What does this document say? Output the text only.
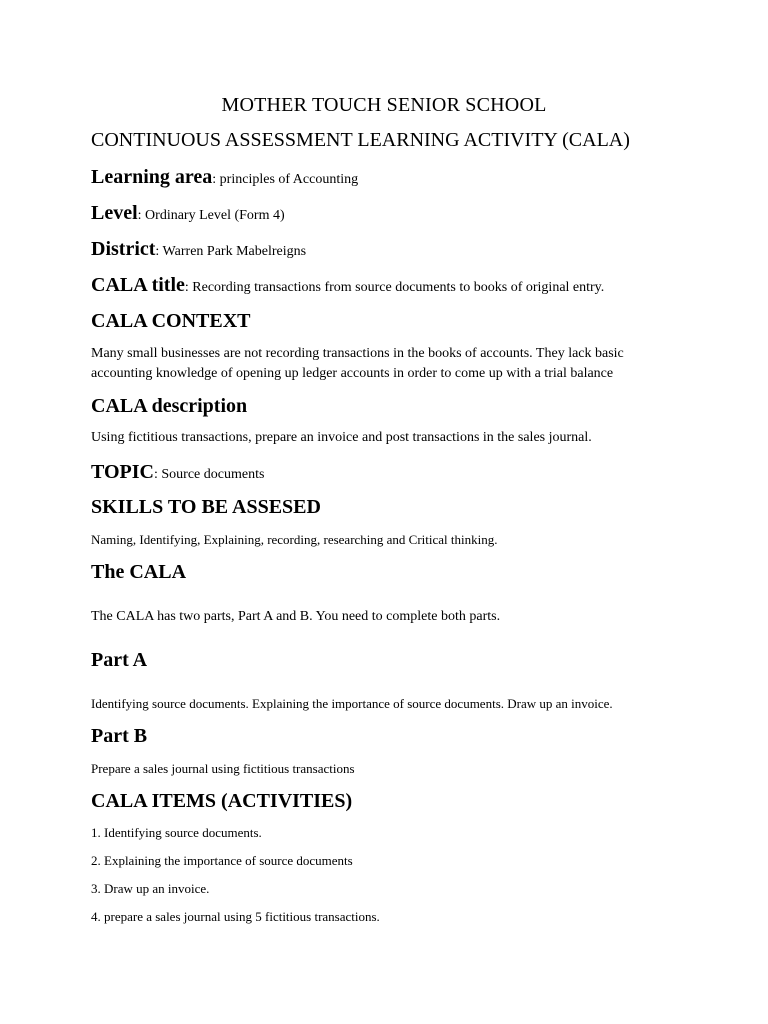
MOTHER TOUCH SENIOR SCHOOL
CONTINUOUS ASSESSMENT LEARNING ACTIVITY (CALA)
Learning area: principles of Accounting
Level: Ordinary Level (Form 4)
District: Warren Park Mabelreigns
CALA title: Recording transactions from source documents to books of original entry.
CALA CONTEXT
Many small businesses are not recording transactions in the books of accounts. They lack basic accounting knowledge of opening up ledger accounts in order to come up with a trial balance
CALA description
Using fictitious transactions, prepare an invoice and post transactions in the sales journal.
TOPIC: Source documents
SKILLS TO BE ASSESED
Naming, Identifying, Explaining, recording, researching and Critical thinking.
The CALA
The CALA has two parts, Part A and B. You need to complete both parts.
Part A
Identifying source documents. Explaining the importance of source documents. Draw up an invoice.
Part B
Prepare a sales journal using fictitious transactions
CALA ITEMS (ACTIVITIES)
1. Identifying source documents.
2. Explaining the importance of source documents
3. Draw up an invoice.
4. prepare a sales journal using 5 fictitious transactions.
